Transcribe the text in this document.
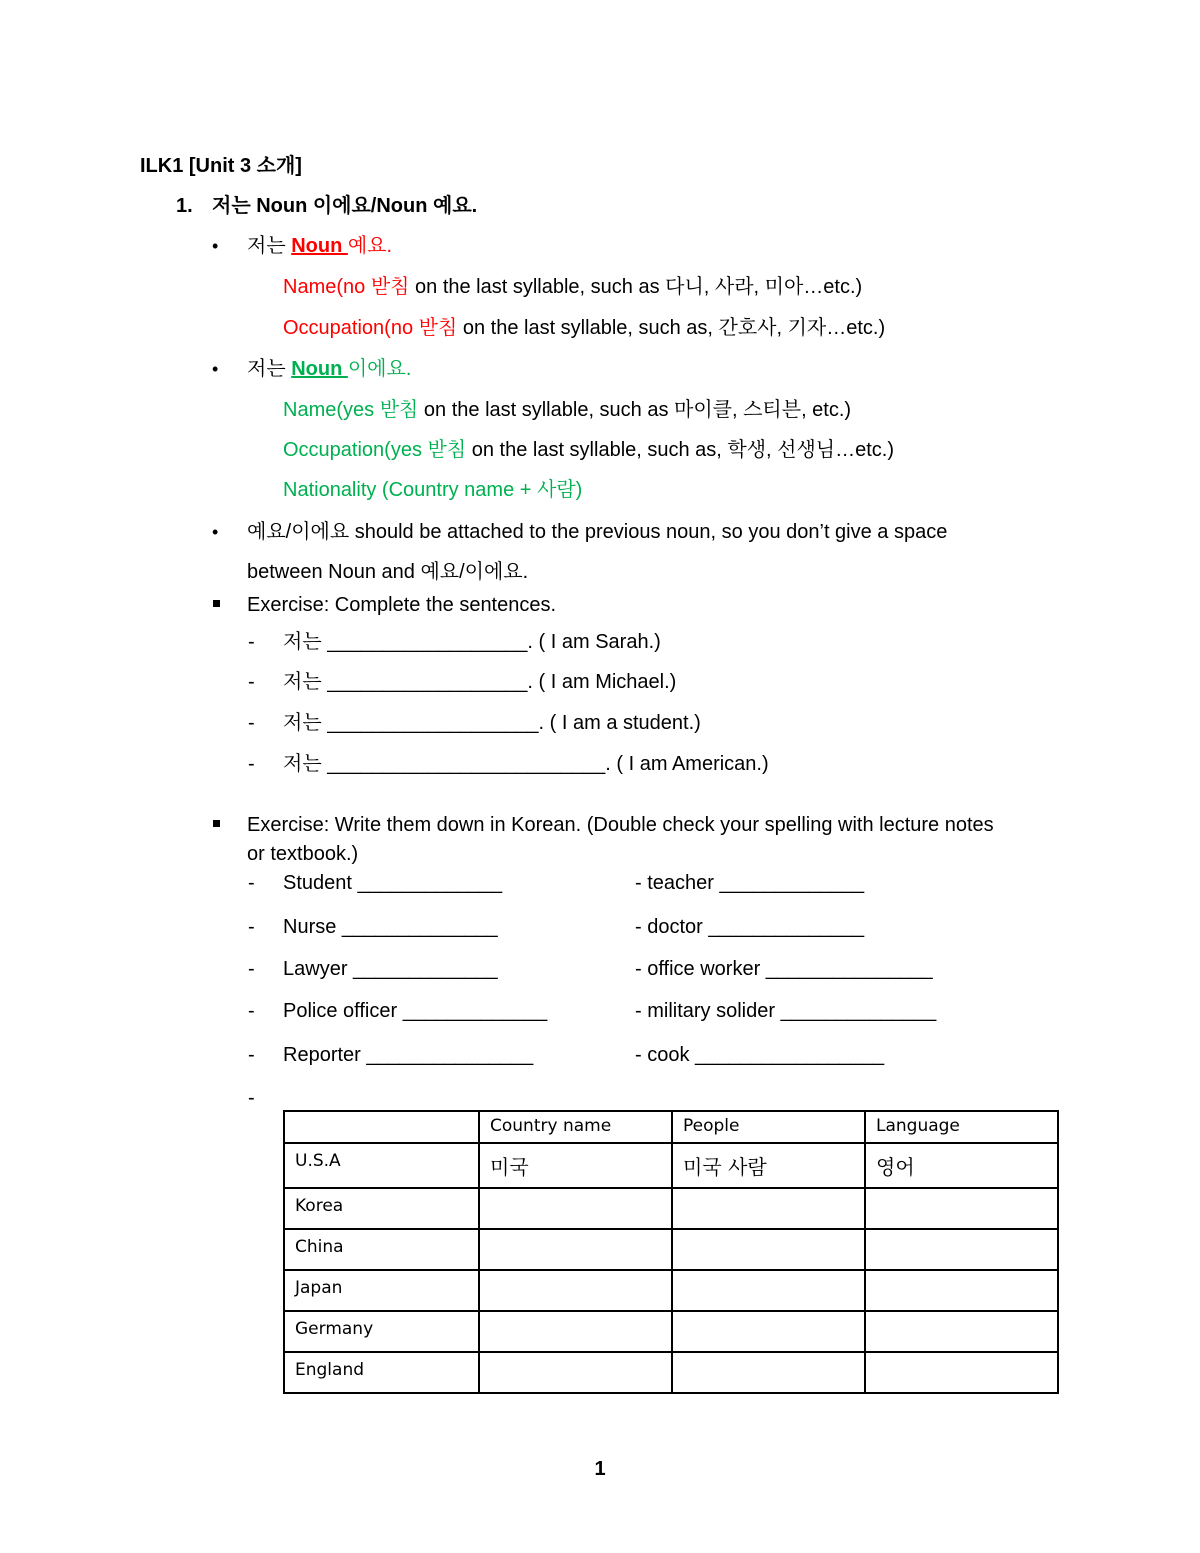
ILK1 [Unit 3 소개]
1. 저는 Noun 이에요/Noun 예요.
• 저는 Noun 예요.
Name(no 받침 on the last syllable, such as 다니, 사라, 미아…etc.)
Occupation(no 받침 on the last syllable, such as, 간호사, 기자…etc.)
• 저는 Noun 이에요.
Name(yes 받침 on the last syllable, such as 마이클, 스티븐, etc.)
Occupation(yes 받침 on the last syllable, such as, 학생, 선생님…etc.)
Nationality (Country name + 사람)
• 예요/이에요 should be attached to the previous noun, so you don’t give a space
between Noun and 예요/이에요.
Exercise: Complete the sentences.
- 저는 __________________. ( I am Sarah.)
- 저는 __________________. ( I am Michael.)
- 저는 ___________________. ( I am a student.)
- 저는 _________________________. ( I am American.)
Exercise: Write them down in Korean. (Double check your spelling with lecture notes
or textbook.)
- Student _____________	- teacher _____________
- Nurse ______________	- doctor ______________
- Lawyer _____________	- office worker _______________
- Police officer _____________	- military solider ______________
- Reporter _______________	- cook _________________
-
	Country name	People	Language
U.S.A	미국	미국 사람	영어
Korea			
China			
Japan			
Germany			
England			
1
